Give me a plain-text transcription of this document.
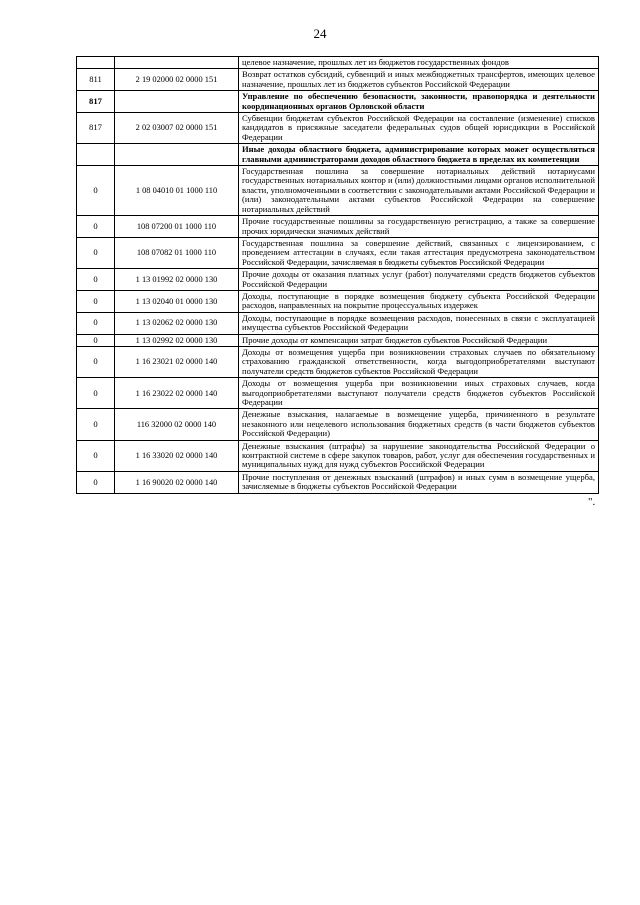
24
		целевое назначение, прошлых лет из бюджетов государственных фондов
811	2 19 02000 02 0000 151	Возврат остатков субсидий, субвенций и иных межбюджетных трансфертов, имеющих целевое назначение, прошлых лет из бюджетов субъектов Российской Федерации
817		Управление по обеспечению безопасности, законности, правопорядка и деятельности координационных органов Орловской области
817	2 02 03007 02 0000 151	Субвенции бюджетам субъектов Российской Федерации на составление (изменение) списков кандидатов в присяжные заседатели федеральных судов общей юрисдикции в Российской Федерации
		Иные доходы областного бюджета, администрирование которых может осуществляться главными администраторами доходов областного бюджета в пределах их компетенции
0	1 08 04010 01 1000 110	Государственная пошлина за совершение нотариальных действий нотариусами государственных нотариальных контор и (или) должностными лицами органов исполнительной власти, уполномоченными в соответствии с законодательными актами Российской Федерации и (или) законодательными актами субъектов Российской Федерации на совершение нотариальных действий
0	108 07200 01 1000 110	Прочие государственные пошлины за государственную регистрацию, а также за совершение прочих юридически значимых действий
0	108 07082 01 1000 110	Государственная пошлина за совершение действий, связанных с лицензированием, с проведением аттестации в случаях, если такая аттестация предусмотрена законодательством Российской Федерации, зачисляемая в бюджеты субъектов Российской Федерации
0	1 13 01992 02 0000 130	Прочие доходы от оказания платных услуг (работ) получателями средств бюджетов субъектов Российской Федерации
0	1 13 02040 01 0000 130	Доходы, поступающие в порядке возмещения бюджету субъекта Российской Федерации расходов, направленных на покрытие процессуальных издержек
0	1 13 02062 02 0000 130	Доходы, поступающие в порядке возмещения расходов, понесенных в связи с эксплуатацией имущества субъектов Российской Федерации
0	1 13 02992 02 0000 130	Прочие доходы от компенсации затрат бюджетов субъектов Российской Федерации
0	1 16 23021 02 0000 140	Доходы от возмещения ущерба при возникновении страховых случаев по обязательному страхованию гражданской ответственности, когда выгодоприобретателями выступают получатели средств бюджетов субъектов Российской Федерации
0	1 16 23022 02 0000 140	Доходы от возмещения ущерба при возникновении иных страховых случаев, когда выгодоприобретателями выступают получатели средств бюджетов субъектов Российской Федерации
0	116 32000 02 0000 140	Денежные взыскания, налагаемые в возмещение ущерба, причиненного в результате незаконного или нецелевого использования бюджетных средств (в части бюджетов субъектов Российской Федерации)
0	1 16 33020 02 0000 140	Денежные взыскания (штрафы) за нарушение законодательства Российской Федерации о контрактной системе в сфере закупок товаров, работ, услуг для обеспечения государственных и муниципальных нужд для нужд субъектов Российской Федерации
0	1 16 90020 02 0000 140	Прочие поступления от денежных взысканий (штрафов) и иных сумм в возмещение ущерба, зачисляемые в бюджеты субъектов Российской Федерации
".
